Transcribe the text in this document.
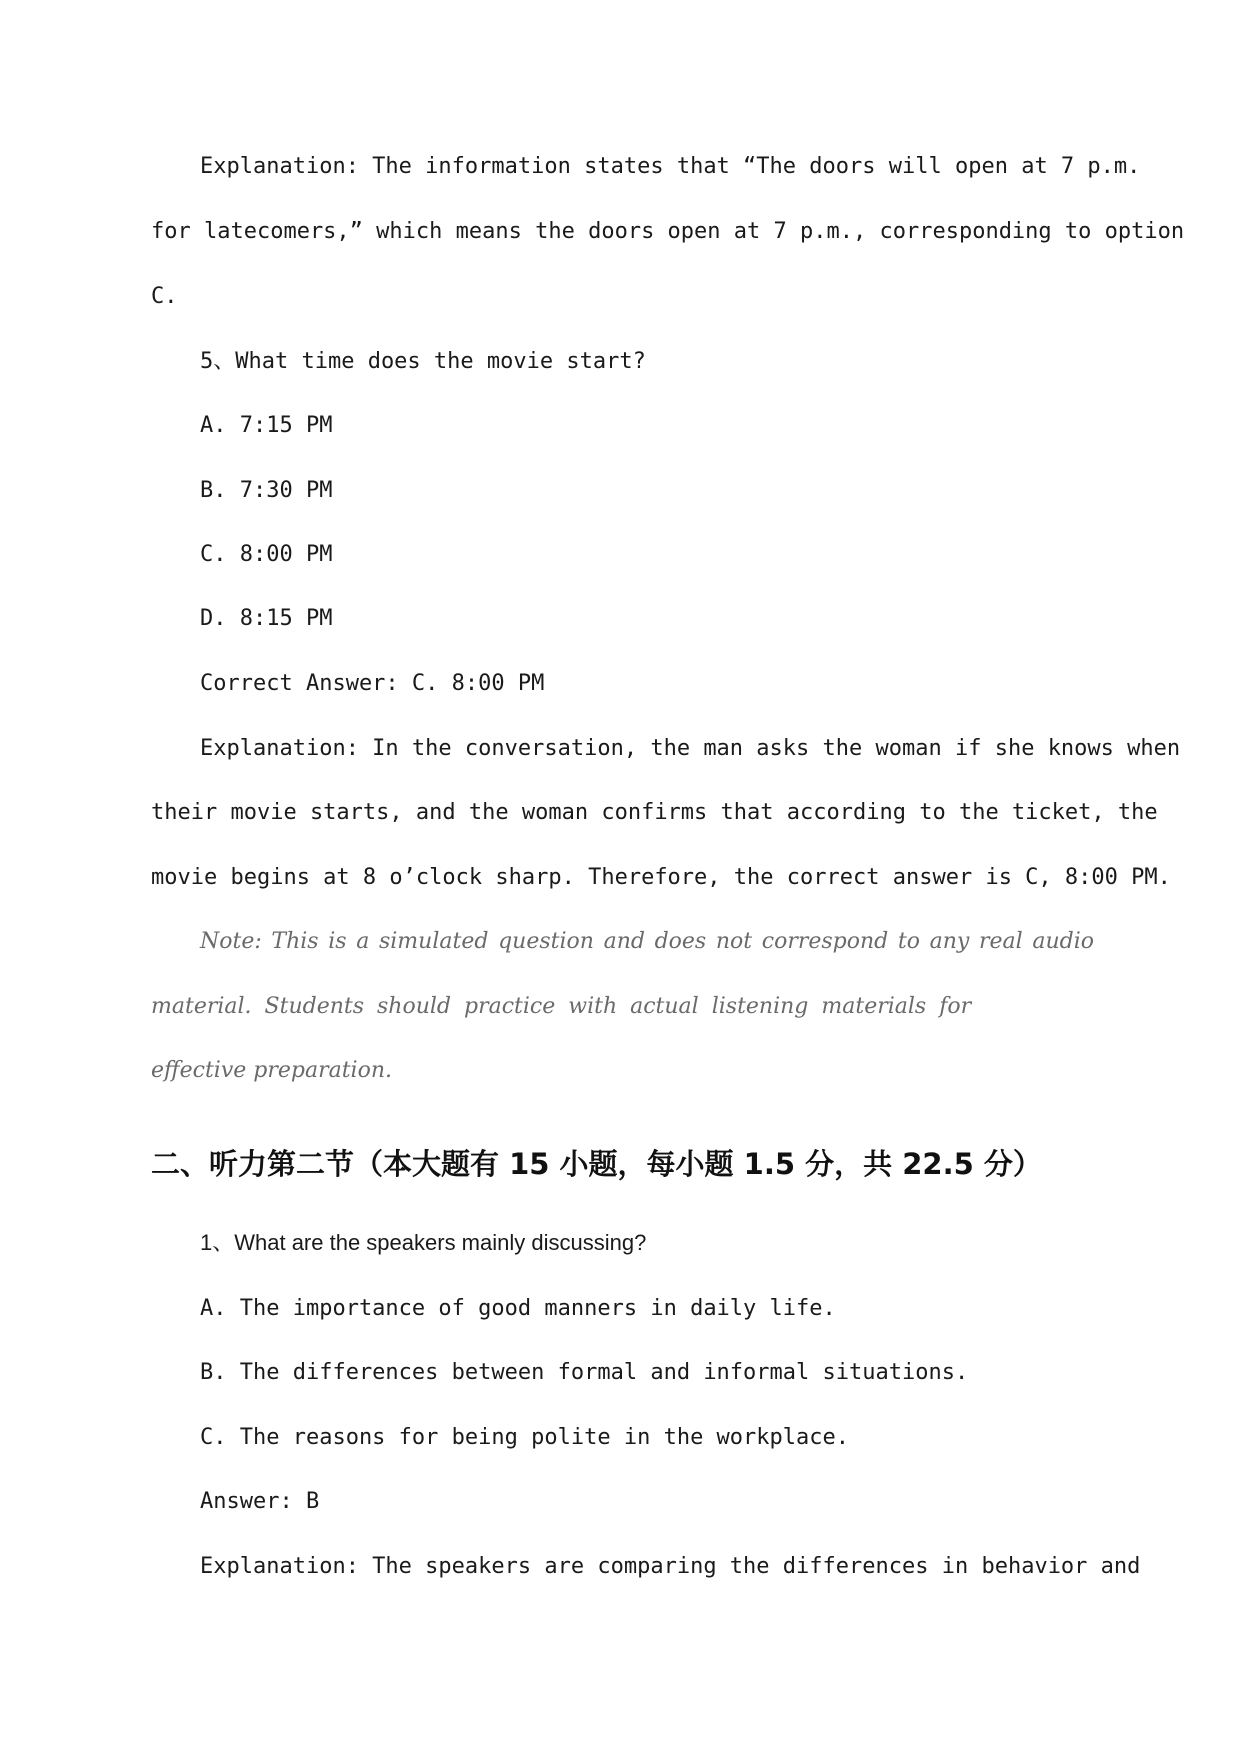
Explanation: The information states that “The doors will open at 7 p.m.
for latecomers,” which means the doors open at 7 p.m., corresponding to option
C.
5、What time does the movie start?
A. 7:15 PM
B. 7:30 PM
C. 8:00 PM
D. 8:15 PM
Correct Answer: C. 8:00 PM
Explanation: In the conversation, the man asks the woman if she knows when
their movie starts, and the woman confirms that according to the ticket, the
movie begins at 8 o’clock sharp. Therefore, the correct answer is C, 8:00 PM.
Note: This is a simulated question and does not correspond to any real audio
material. Students should practice with actual listening materials for
effective preparation.
二、听力第二节（本大题有 15 小题，每小题 1.5 分，共 22.5 分）
1、What are the speakers mainly discussing?
A. The importance of good manners in daily life.
B. The differences between formal and informal situations.
C. The reasons for being polite in the workplace.
Answer: B
Explanation: The speakers are comparing the differences in behavior and
